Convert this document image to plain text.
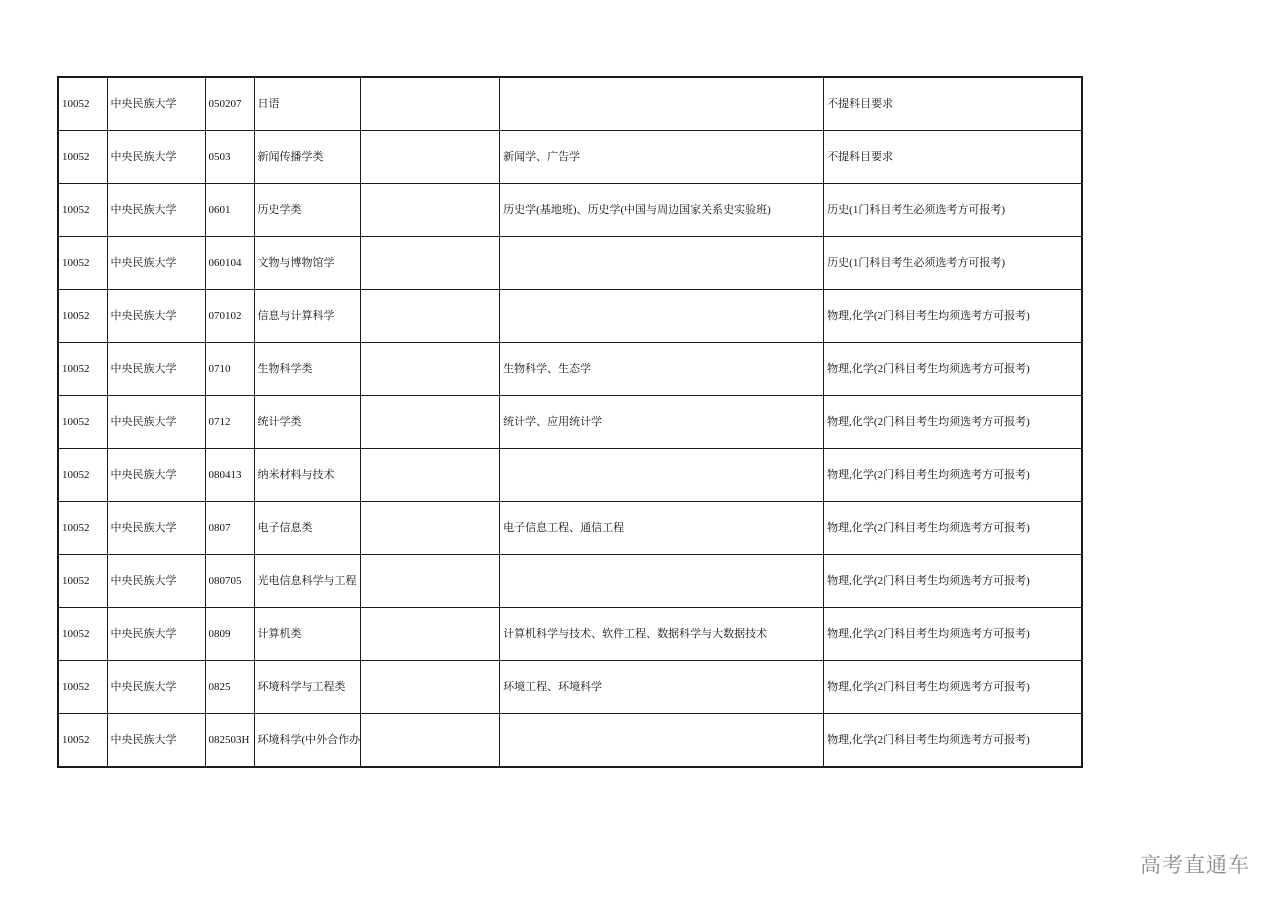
10052	中央民族大学	050207	日语			不提科目要求
10052	中央民族大学	0503	新闻传播学类		新闻学、广告学	不提科目要求
10052	中央民族大学	0601	历史学类		历史学(基地班)、历史学(中国与周边国家关系史实验班)	历史(1门科目考生必须选考方可报考)
10052	中央民族大学	060104	文物与博物馆学			历史(1门科目考生必须选考方可报考)
10052	中央民族大学	070102	信息与计算科学			物理,化学(2门科目考生均须选考方可报考)
10052	中央民族大学	0710	生物科学类		生物科学、生态学	物理,化学(2门科目考生均须选考方可报考)
10052	中央民族大学	0712	统计学类		统计学、应用统计学	物理,化学(2门科目考生均须选考方可报考)
10052	中央民族大学	080413	纳米材料与技术			物理,化学(2门科目考生均须选考方可报考)
10052	中央民族大学	0807	电子信息类		电子信息工程、通信工程	物理,化学(2门科目考生均须选考方可报考)
10052	中央民族大学	080705	光电信息科学与工程			物理,化学(2门科目考生均须选考方可报考)
10052	中央民族大学	0809	计算机类		计算机科学与技术、软件工程、数据科学与大数据技术	物理,化学(2门科目考生均须选考方可报考)
10052	中央民族大学	0825	环境科学与工程类		环境工程、环境科学	物理,化学(2门科目考生均须选考方可报考)
10052	中央民族大学	082503H	环境科学(中外合作办			物理,化学(2门科目考生均须选考方可报考)
高考直通车
